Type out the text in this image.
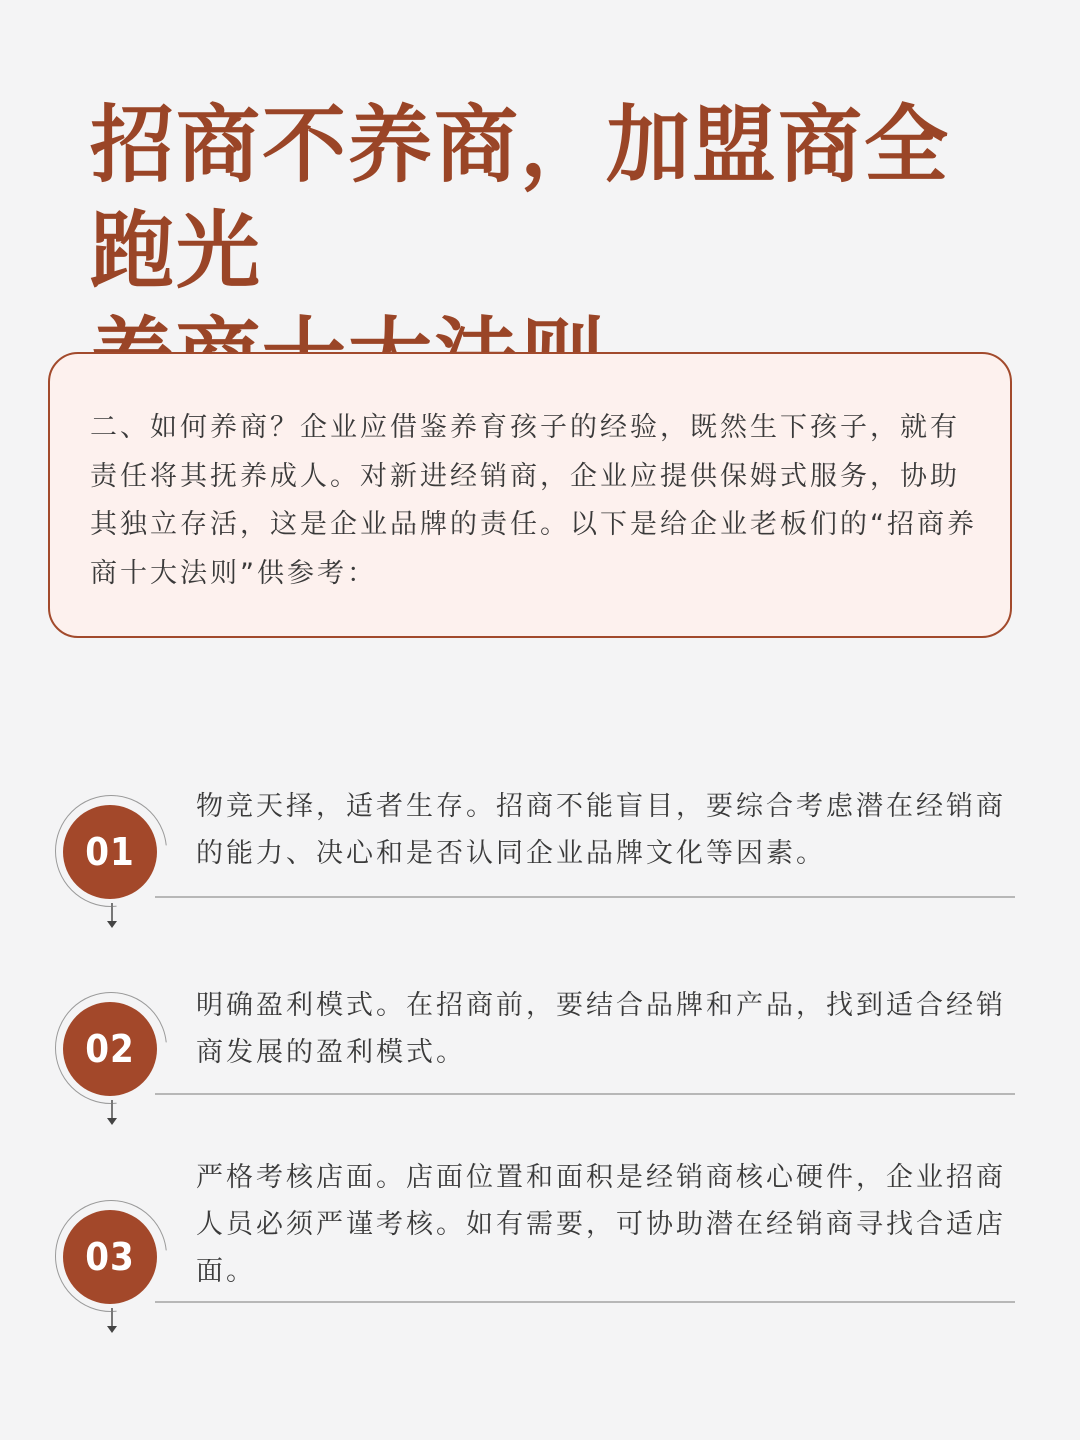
招商不养商，加盟商全跑光

二、如何养商？企业应借鉴养育孩子的经验，既然生下孩子，就有责任将其抚养成人。对新进经销商，企业应提供保姆式服务，协助其独立存活，这是企业品牌的责任。以下是给企业老板们的“招商养商十大法则”供参考：

01

物竞天择，适者生存。招商不能盲目，要综合考虑潜在经销商的能力、决心和是否认同企业品牌文化等因素。

02

明确盈利模式。在招商前，要结合品牌和产品，找到适合经销商发展的盈利模式。

03

严格考核店面。店面位置和面积是经销商核心硬件，企业招商人员必须严谨考核。如有需要，可协助潜在经销商寻找合适店面。
